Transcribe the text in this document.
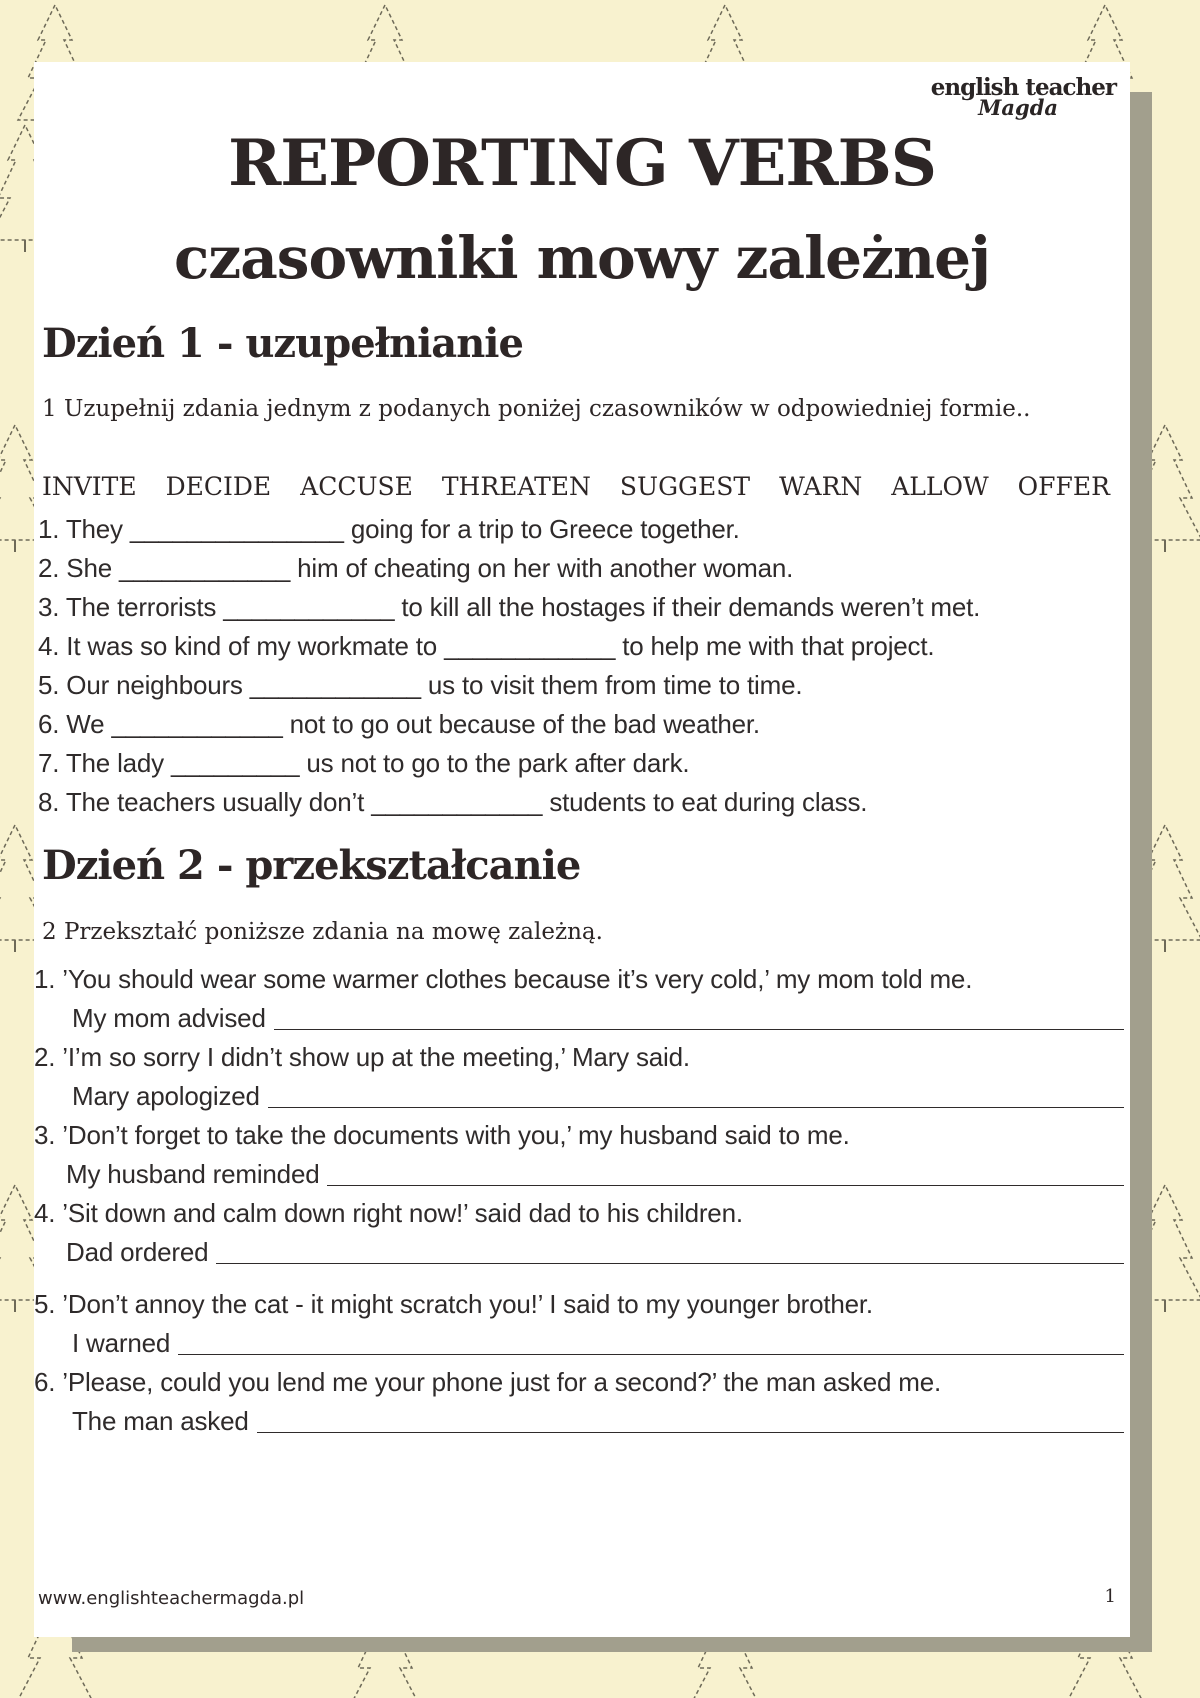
english teacher
Magda
REPORTING VERBS
czasowniki mowy zależnej
Dzień 1 - uzupełnianie
1 Uzupełnij zdania jednym z podanych poniżej czasowników w odpowiedniej formie..
INVITE DECIDE ACCUSE THREATEN SUGGEST WARN ALLOW OFFER
1. They _______________ going for a trip to Greece together.
2. She ____________ him of cheating on her with another woman.
3. The terrorists ____________ to kill all the hostages if their demands weren’t met.
4. It was so kind of my workmate to ____________ to help me with that project.
5. Our neighbours ____________ us to visit them from time to time.
6. We ____________ not to go out because of the bad weather.
7. The lady _________ us not to go to the park after dark.
8. The teachers usually don’t ____________ students to eat during class.
Dzień 2 - przekształcanie
2 Przekształć poniższe zdania na mowę zależną.
1. ’You should wear some warmer clothes because it’s very cold,’ my mom told me.
My mom advised
2. ’I’m so sorry I didn’t show up at the meeting,’ Mary said.
Mary apologized
3. ’Don’t forget to take the documents with you,’ my husband said to me.
My husband reminded
4. ’Sit down and calm down right now!’ said dad to his children.
Dad ordered
5. ’Don’t annoy the cat - it might scratch you!’ I said to my younger brother.
I warned
6. ’Please, could you lend me your phone just for a second?’ the man asked me.
The man asked
www.englishteachermagda.pl	1
